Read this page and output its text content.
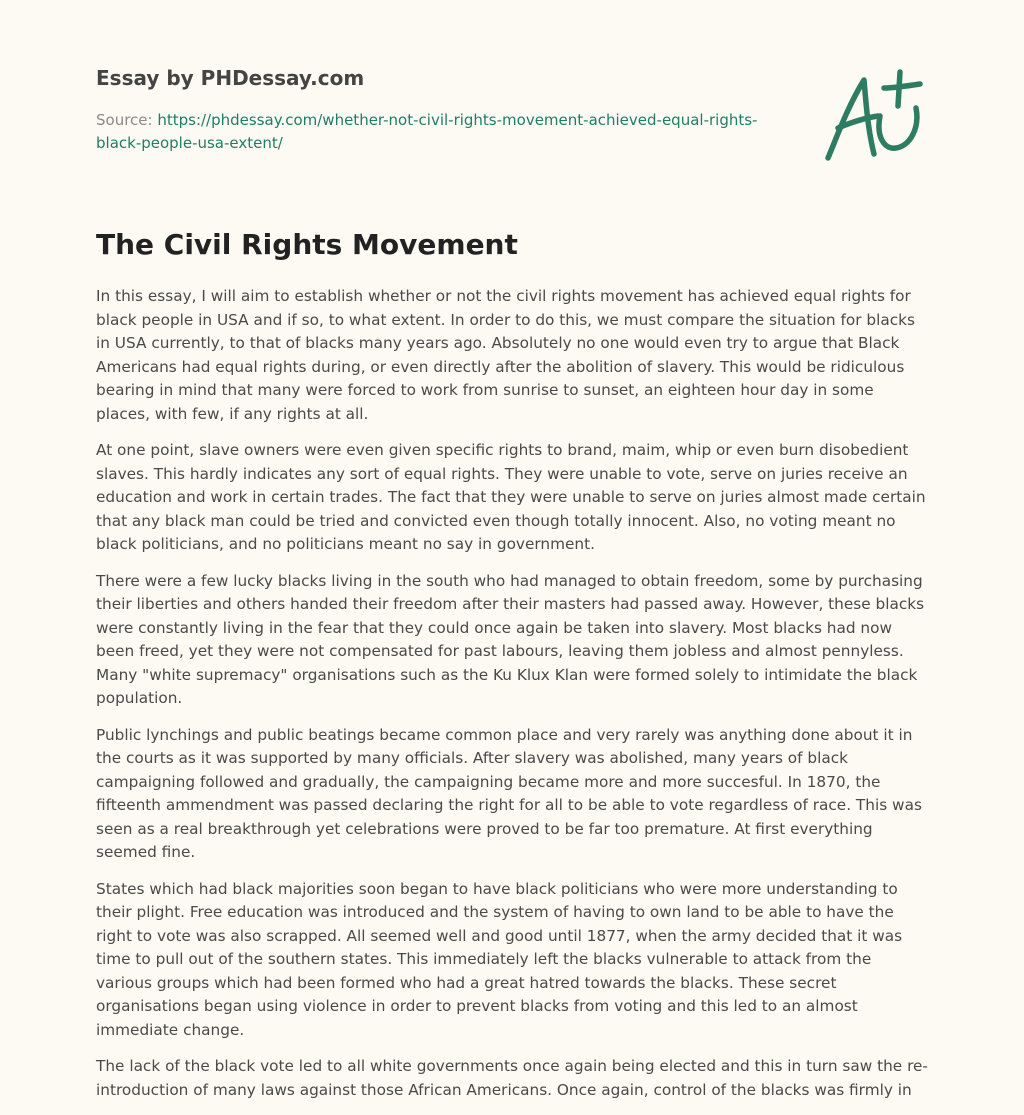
Essay by PHDessay.com
Source: https://phdessay.com/whether-not-civil-rights-movement-achieved-equal-rights-
black-people-usa-extent/
The Civil Rights Movement

In this essay, I will aim to establish whether or not the civil rights movement has achieved equal rights for black people in USA and if so, to what extent. In order to do this, we must compare the situation for blacks in USA currently, to that of blacks many years ago. Absolutely no one would even try to argue that Black Americans had equal rights during, or even directly after the abolition of slavery. This would be ridiculous bearing in mind that many were forced to work from sunrise to sunset, an eighteen hour day in some places, with few, if any rights at all.

At one point, slave owners were even given specific rights to brand, maim, whip or even burn disobedient slaves. This hardly indicates any sort of equal rights. They were unable to vote, serve on juries receive an education and work in certain trades. The fact that they were unable to serve on juries almost made certain that any black man could be tried and convicted even though totally innocent. Also, no voting meant no black politicians, and no politicians meant no say in government.

There were a few lucky blacks living in the south who had managed to obtain freedom, some by purchasing their liberties and others handed their freedom after their masters had passed away. However, these blacks were constantly living in the fear that they could once again be taken into slavery. Most blacks had now been freed, yet they were not compensated for past labours, leaving them jobless and almost pennyless. Many "white supremacy" organisations such as the Ku Klux Klan were formed solely to intimidate the black population.

Public lynchings and public beatings became common place and very rarely was anything done about it in the courts as it was supported by many officials. After slavery was abolished, many years of black campaigning followed and gradually, the campaigning became more and more succesful. In 1870, the fifteenth ammendment was passed declaring the right for all to be able to vote regardless of race. This was seen as a real breakthrough yet celebrations were proved to be far too premature. At first everything seemed fine.

States which had black majorities soon began to have black politicians who were more understanding to their plight. Free education was introduced and the system of having to own land to be able to have the right to vote was also scrapped. All seemed well and good until 1877, when the army decided that it was time to pull out of the southern states. This immediately left the blacks vulnerable to attack from the various groups which had been formed who had a great hatred towards the blacks. These secret organisations began using violence in order to prevent blacks from voting and this led to an almost immediate change.

The lack of the black vote led to all white governments once again being elected and this in turn saw the re-introduction of many laws against those African Americans. Once again, control of the blacks was firmly in
